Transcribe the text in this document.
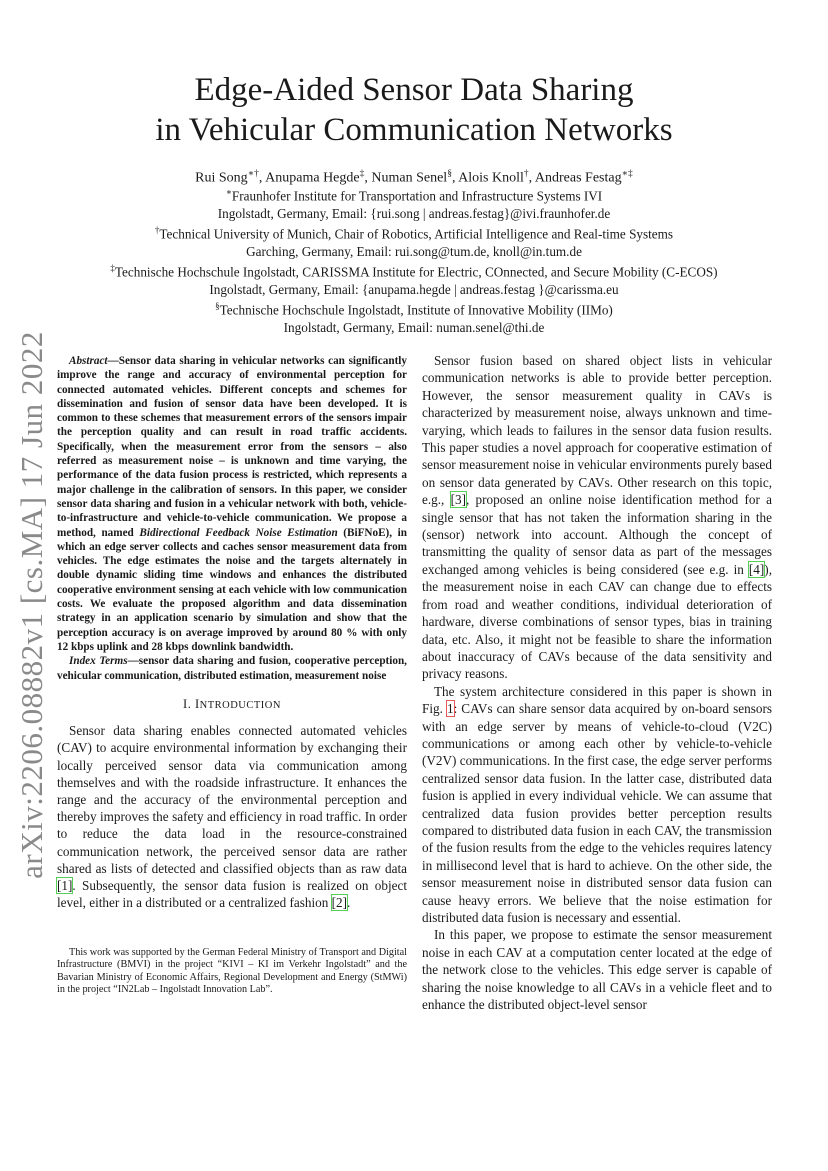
arXiv:2206.08882v1 [cs.MA] 17 Jun 2022
Edge-Aided Sensor Data Sharing
in Vehicular Communication Networks
Rui Song∗†, Anupama Hegde‡, Numan Senel§, Alois Knoll†, Andreas Festag∗‡
∗Fraunhofer Institute for Transportation and Infrastructure Systems IVI
Ingolstadt, Germany, Email: {rui.song | andreas.festag}@ivi.fraunhofer.de
†Technical University of Munich, Chair of Robotics, Artificial Intelligence and Real-time Systems
Garching, Germany, Email: rui.song@tum.de, knoll@in.tum.de
‡Technische Hochschule Ingolstadt, CARISSMA Institute for Electric, COnnected, and Secure Mobility (C-ECOS)
Ingolstadt, Germany, Email: {anupama.hegde | andreas.festag }@carissma.eu
§Technische Hochschule Ingolstadt, Institute of Innovative Mobility (IIMo)
Ingolstadt, Germany, Email: numan.senel@thi.de

Abstract—Sensor data sharing in vehicular networks can significantly improve the range and accuracy of environmental perception for connected automated vehicles. Different concepts and schemes for dissemination and fusion of sensor data have been developed. It is common to these schemes that measurement errors of the sensors impair the perception quality and can result in road traffic accidents. Specifically, when the measurement error from the sensors – also referred as measurement noise – is unknown and time varying, the performance of the data fusion process is restricted, which represents a major challenge in the calibration of sensors. In this paper, we consider sensor data sharing and fusion in a vehicular network with both, vehicle-to-infrastructure and vehicle-to-vehicle communication. We propose a method, named Bidirectional Feedback Noise Estimation (BiFNoE), in which an edge server collects and caches sensor measurement data from vehicles. The edge estimates the noise and the targets alternately in double dynamic sliding time windows and enhances the distributed cooperative environment sensing at each vehicle with low communication costs. We evaluate the proposed algorithm and data dissemination strategy in an application scenario by simulation and show that the perception accuracy is on average improved by around 80 % with only 12 kbps uplink and 28 kbps downlink bandwidth.

Index Terms—sensor data sharing and fusion, cooperative perception, vehicular communication, distributed estimation, measurement noise

I. INTRODUCTION

Sensor data sharing enables connected automated vehicles (CAV) to acquire environmental information by exchanging their locally perceived sensor data via communication among themselves and with the roadside infrastructure. It enhances the range and the accuracy of the environmental perception and thereby improves the safety and efficiency in road traffic. In order to reduce the data load in the resource-constrained communication network, the perceived sensor data are rather shared as lists of detected and classified objects than as raw data [1]. Subsequently, the sensor data fusion is realized on object level, either in a distributed or a centralized fashion [2].

This work was supported by the German Federal Ministry of Transport and Digital Infrastructure (BMVI) in the project “KIVI – KI im Verkehr Ingolstadt” and the Bavarian Ministry of Economic Affairs, Regional Development and Energy (StMWi) in the project “IN2Lab – Ingolstadt Innovation Lab”.

Sensor fusion based on shared object lists in vehicular communication networks is able to provide better perception. However, the sensor measurement quality in CAVs is characterized by measurement noise, always unknown and time-varying, which leads to failures in the sensor data fusion results. This paper studies a novel approach for cooperative estimation of sensor measurement noise in vehicular environments purely based on sensor data generated by CAVs. Other research on this topic, e.g., [3], proposed an online noise identification method for a single sensor that has not taken the information sharing in the (sensor) network into account. Although the concept of transmitting the quality of sensor data as part of the messages exchanged among vehicles is being considered (see e.g. in [4]), the measurement noise in each CAV can change due to effects from road and weather conditions, individual deterioration of hardware, diverse combinations of sensor types, bias in training data, etc. Also, it might not be feasible to share the information about inaccuracy of CAVs because of the data sensitivity and privacy reasons.

The system architecture considered in this paper is shown in Fig. 1: CAVs can share sensor data acquired by on-board sensors with an edge server by means of vehicle-to-cloud (V2C) communications or among each other by vehicle-to-vehicle (V2V) communications. In the first case, the edge server performs centralized sensor data fusion. In the latter case, distributed data fusion is applied in every individual vehicle. We can assume that centralized data fusion provides better perception results compared to distributed data fusion in each CAV, the transmission of the fusion results from the edge to the vehicles requires latency in millisecond level that is hard to achieve. On the other side, the sensor measurement noise in distributed sensor data fusion can cause heavy errors. We believe that the noise estimation for distributed data fusion is necessary and essential.

In this paper, we propose to estimate the sensor measurement noise in each CAV at a computation center located at the edge of the network close to the vehicles. This edge server is capable of sharing the noise knowledge to all CAVs in a vehicle fleet and to enhance the distributed object-level sensor
